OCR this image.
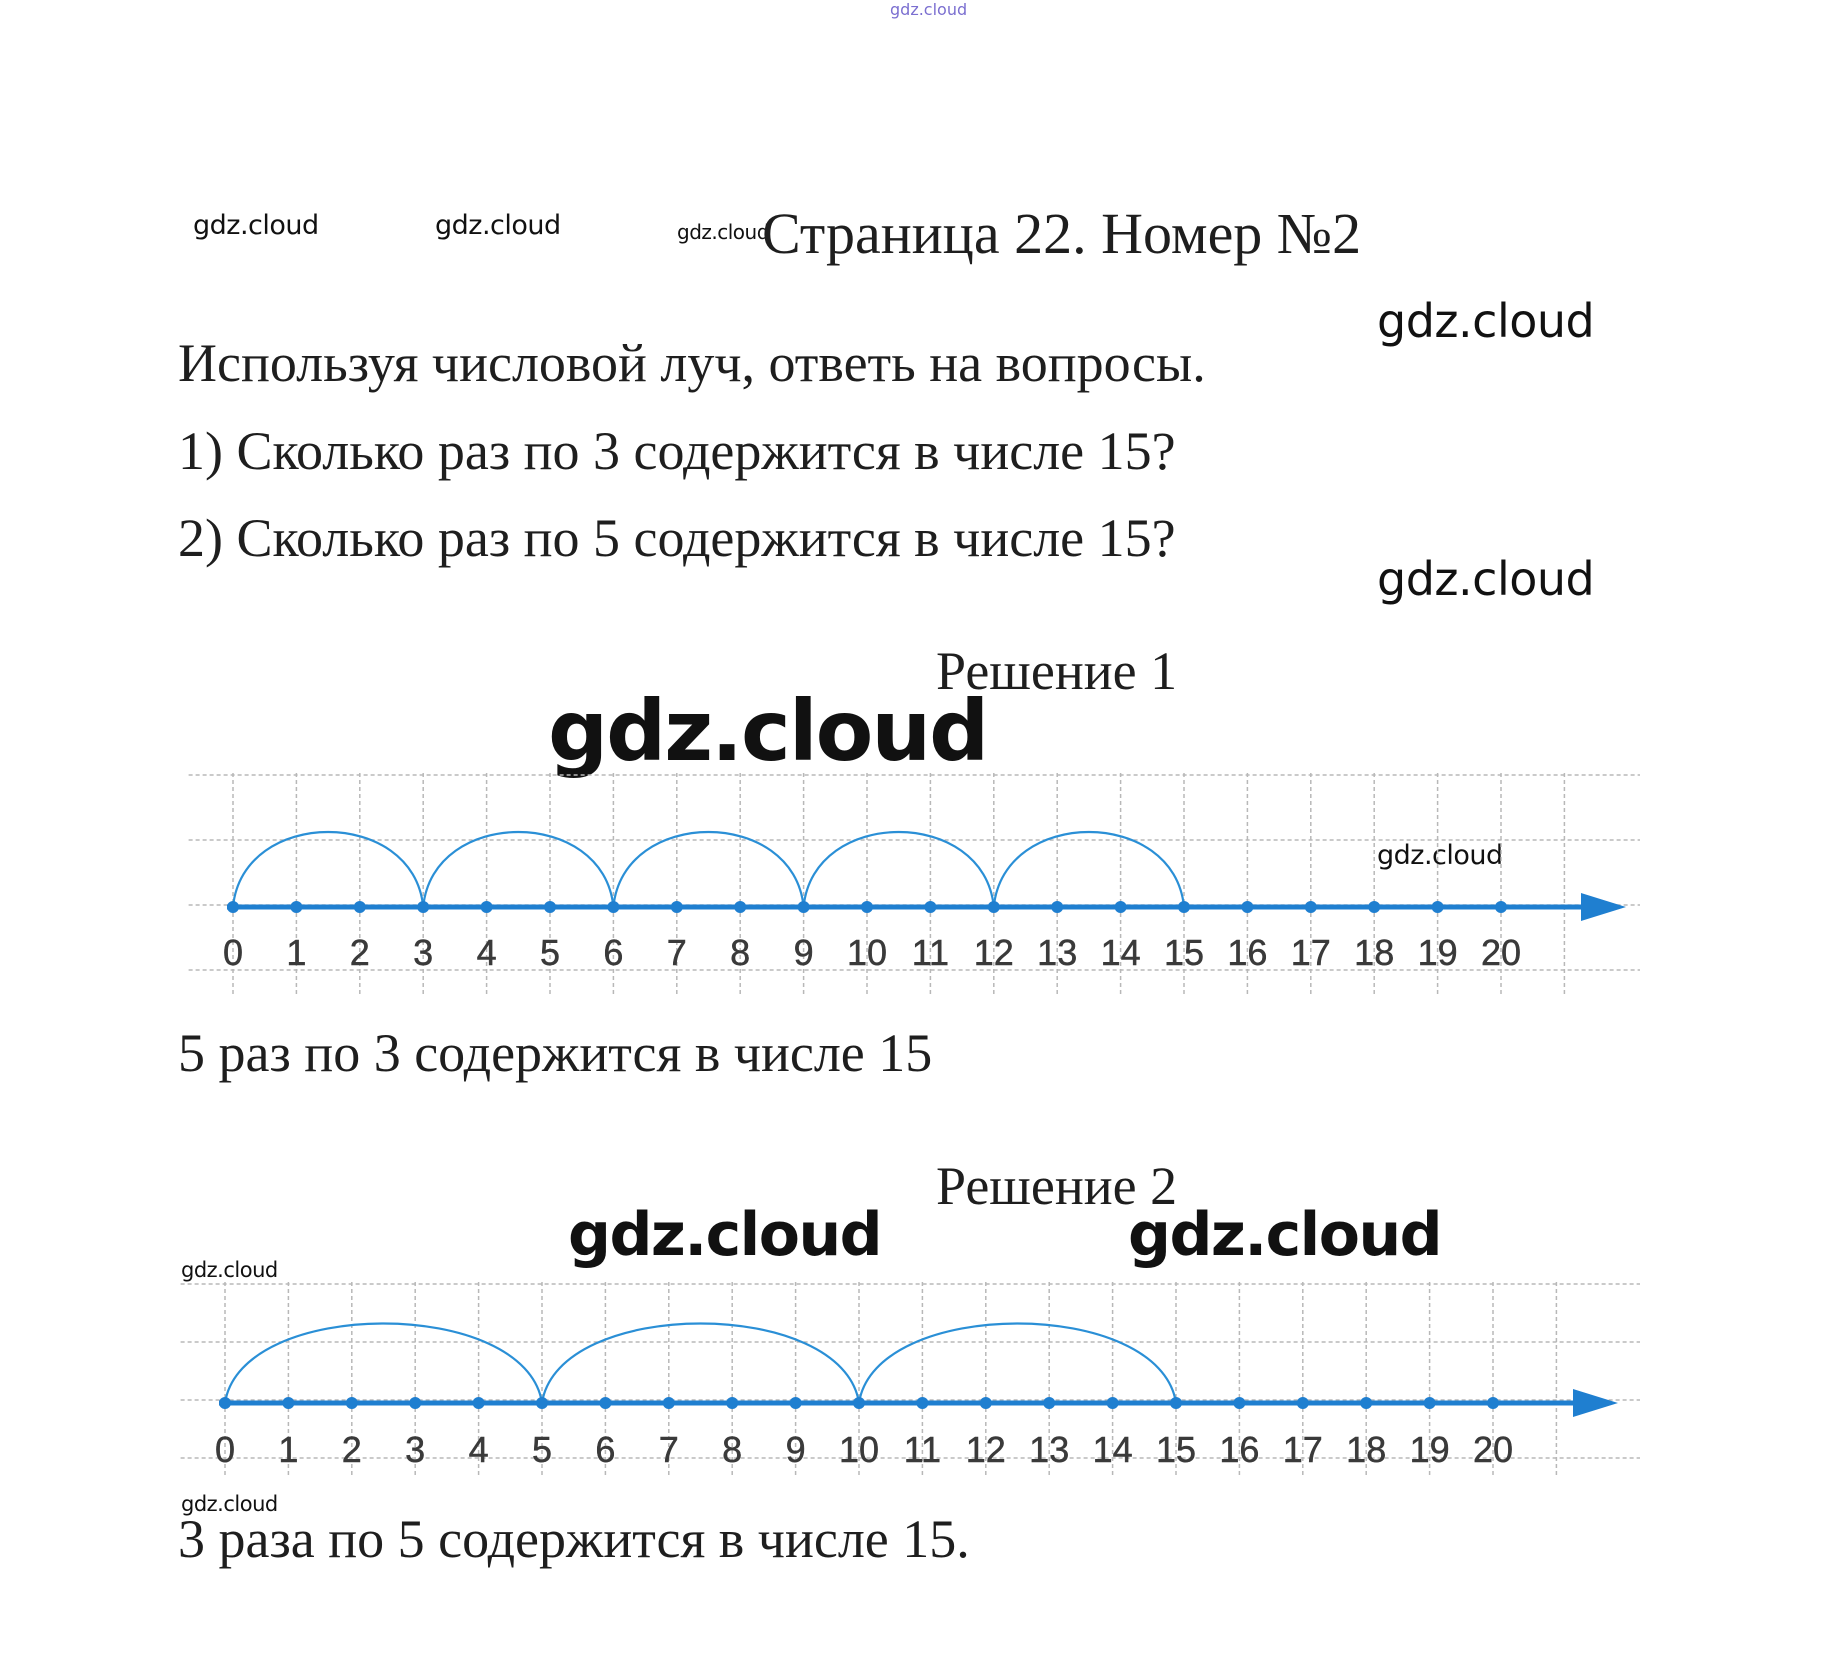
gdz.cloud
gdz.cloud	gdz.cloud	gdz.cloud
gdz.cloud
gdz.cloud
gdz.cloud
gdz.cloud
gdz.cloud	gdz.cloud
gdz.cloud
gdz.cloud
Страница 22. Номер №2
Используя числовой луч, ответь на вопросы.
1) Сколько раз по 3 содержится в числе 15?
2) Сколько раз по 5 содержится в числе 15?
Решение 1
0 1 2 3 4 5 6 7 8 9 10 11 12 13 14 15 16 17 18 19 20
5 раз по 3 содержится в числе 15
Решение 2
0 1 2 3 4 5 6 7 8 9 10 11 12 13 14 15 16 17 18 19 20
3 раза по 5 содержится в числе 15.
